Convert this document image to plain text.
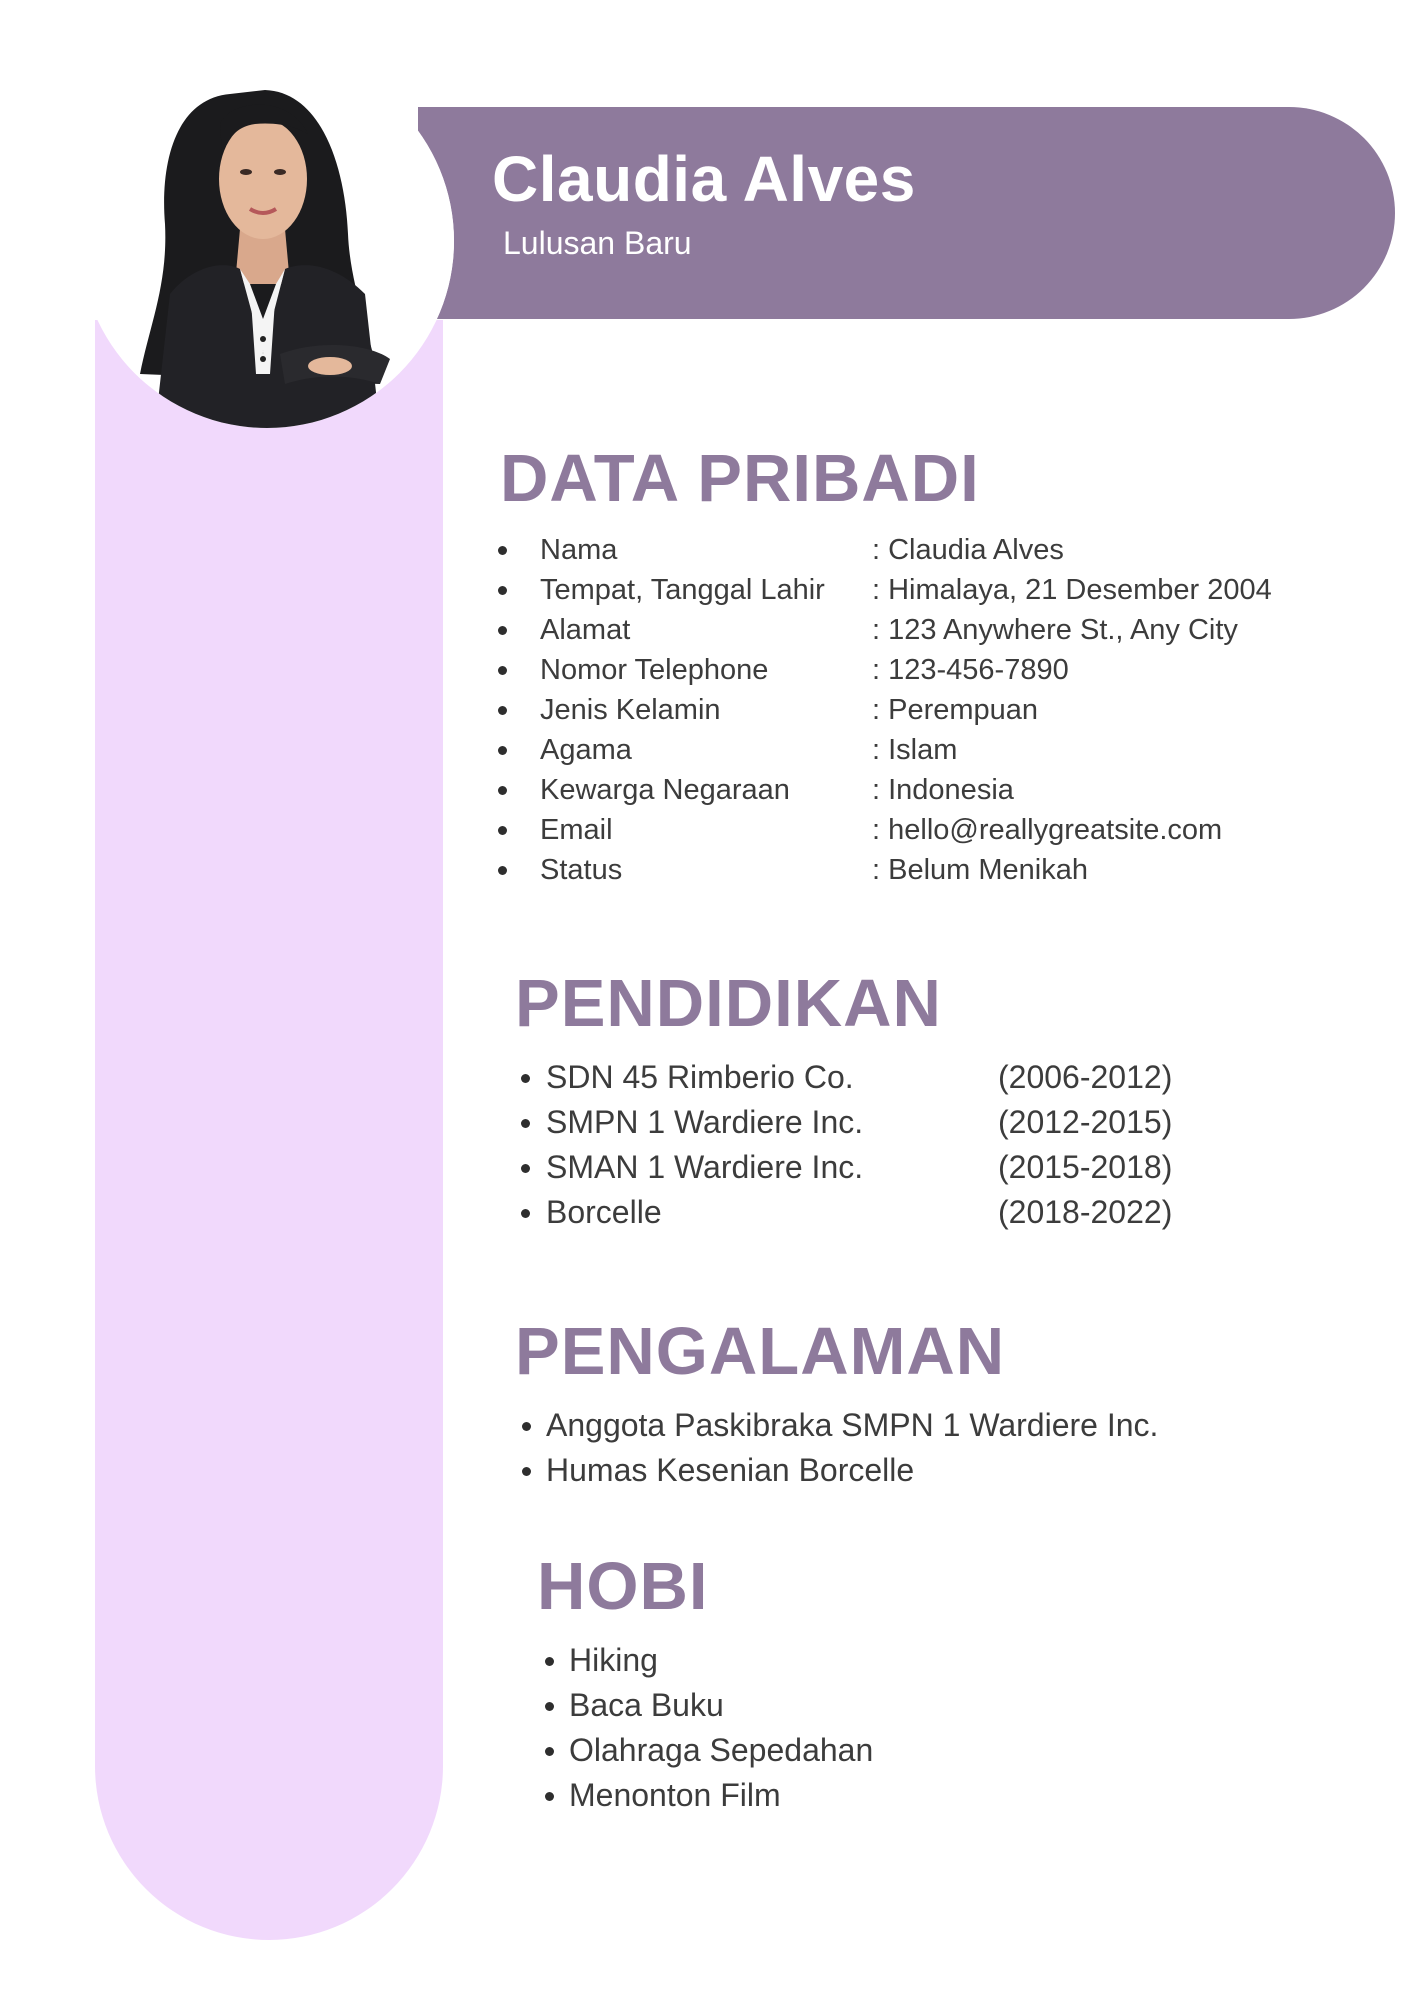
Claudia Alves
Lulusan Baru
DATA PRIBADI
Nama	: Claudia Alves
Tempat, Tanggal Lahir : Himalaya, 21 Desember 2004
Alamat	: 123 Anywhere St., Any City
Nomor Telephone	: 123-456-7890
Jenis Kelamin	: Perempuan
Agama	: Islam
Kewarga Negaraan	: Indonesia
Email	: hello@reallygreatsite.com
Status	: Belum Menikah
PENDIDIKAN
SDN 45 Rimberio Co.	(2006-2012)
SMPN 1 Wardiere Inc.	(2012-2015)
SMAN 1 Wardiere Inc.	(2015-2018)
Borcelle	(2018-2022)
PENGALAMAN
Anggota Paskibraka SMPN 1 Wardiere Inc.
Humas Kesenian Borcelle
HOBI
Hiking
Baca Buku
Olahraga Sepedahan
Menonton Film
